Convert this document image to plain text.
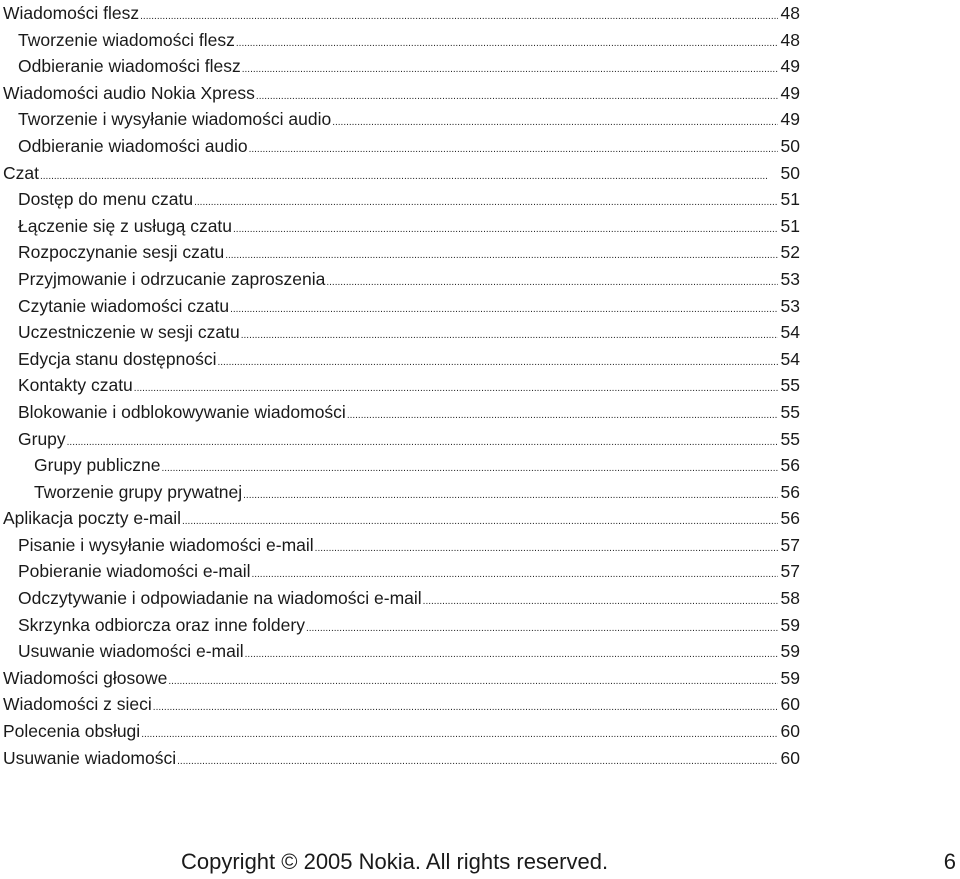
Wiadomości flesz .....	48
Tworzenie wiadomości flesz .....	48
Odbieranie wiadomości flesz .....	49
Wiadomości audio Nokia Xpress .....	49
Tworzenie i wysyłanie wiadomości audio .....	49
Odbieranie wiadomości audio .....	50
Czat .....	50
Dostęp do menu czatu .....	51
Łączenie się z usługą czatu .....	51
Rozpoczynanie sesji czatu .....	52
Przyjmowanie i odrzucanie zaproszenia .....	53
Czytanie wiadomości czatu .....	53
Uczestniczenie w sesji czatu .....	54
Edycja stanu dostępności .....	54
Kontakty czatu .....	55
Blokowanie i odblokowywanie wiadomości .....	55
Grupy .....	55
Grupy publiczne .....	56
Tworzenie grupy prywatnej .....	56
Aplikacja poczty e-mail .....	56
Pisanie i wysyłanie wiadomości e-mail .....	57
Pobieranie wiadomości e-mail .....	57
Odczytywanie i odpowiadanie na wiadomości e-mail .....	58
Skrzynka odbiorcza oraz inne foldery .....	59
Usuwanie wiadomości e-mail .....	59
Wiadomości głosowe .....	59
Wiadomości z sieci .....	60
Polecenia obsługi .....	60
Usuwanie wiadomości .....	60
Copyright © 2005 Nokia. All rights reserved.	6
